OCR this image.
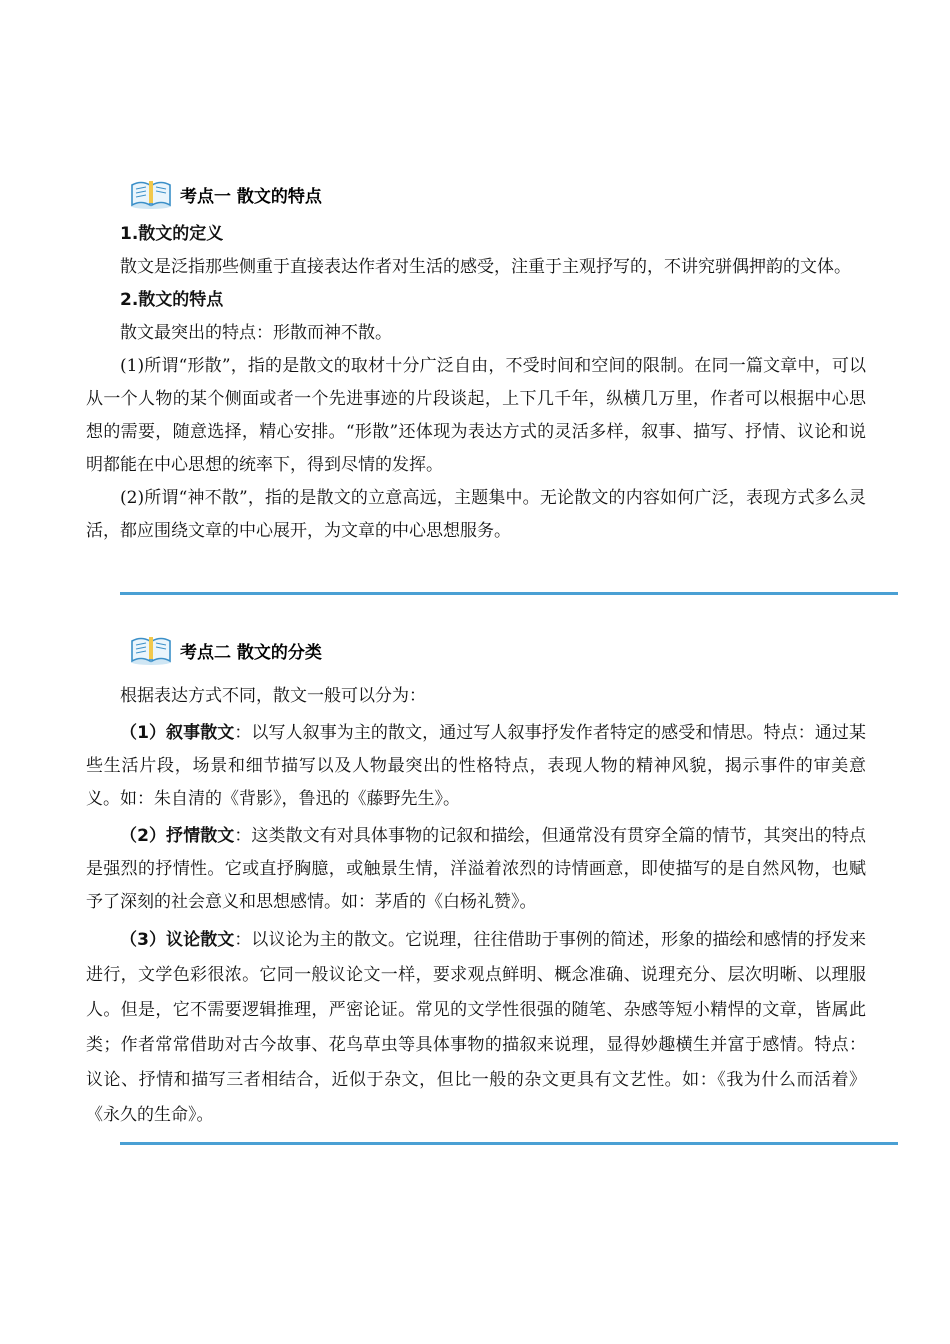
考点一 散文的特点

1.散文的定义

散文是泛指那些侧重于直接表达作者对生活的感受，注重于主观抒写的，不讲究骈偶押韵的文体。

2.散文的特点

散文最突出的特点：形散而神不散。

(1)所谓“形散”，指的是散文的取材十分广泛自由，不受时间和空间的限制。在同一篇文章中，可以从一个人物的某个侧面或者一个先进事迹的片段谈起，上下几千年，纵横几万里，作者可以根据中心思想的需要，随意选择，精心安排。“形散”还体现为表达方式的灵活多样，叙事、描写、抒情、议论和说明都能在中心思想的统率下，得到尽情的发挥。

(2)所谓“神不散”，指的是散文的立意高远，主题集中。无论散文的内容如何广泛，表现方式多么灵活，都应围绕文章的中心展开，为文章的中心思想服务。

考点二 散文的分类

根据表达方式不同，散文一般可以分为：

（1）叙事散文：以写人叙事为主的散文，通过写人叙事抒发作者特定的感受和情思。特点：通过某些生活片段，场景和细节描写以及人物最突出的性格特点，表现人物的精神风貌，揭示事件的审美意义。如：朱自清的《背影》，鲁迅的《藤野先生》。

（2）抒情散文：这类散文有对具体事物的记叙和描绘，但通常没有贯穿全篇的情节，其突出的特点是强烈的抒情性。它或直抒胸臆，或触景生情，洋溢着浓烈的诗情画意，即使描写的是自然风物，也赋予了深刻的社会意义和思想感情。如：茅盾的《白杨礼赞》。

（3）议论散文：以议论为主的散文。它说理，往往借助于事例的简述，形象的描绘和感情的抒发来进行，文学色彩很浓。它同一般议论文一样，要求观点鲜明、概念准确、说理充分、层次明晰、以理服人。但是，它不需要逻辑推理，严密论证。常见的文学性很强的随笔、杂感等短小精悍的文章，皆属此类；作者常常借助对古今故事、花鸟草虫等具体事物的描叙来说理，显得妙趣横生并富于感情。特点：议论、抒情和描写三者相结合，近似于杂文，但比一般的杂文更具有文艺性。如：《我为什么而活着》《永久的生命》。
